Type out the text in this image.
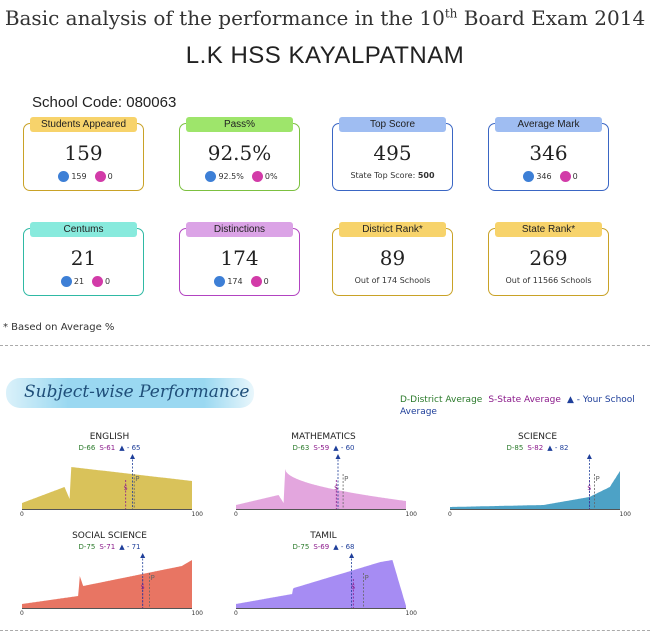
Basic analysis of the performance in the 10th Board Exam 2014
L.K HSS KAYALPATNAM
School Code: 080063
Students Appeared
159
159	0
Pass%
92.5%
92.5%	0%
Top Score
495
State Top Score: 500
Average Mark
346
346	0
Centums
21
21	0
Distinctions
174
174	0
District Rank*
89
Out of 174 Schools
State Rank*
269
Out of 11566 Schools
* Based on Average %
Subject-wise Performance	D-District Average S-State Average ▲ - Your School Average
ENGLISH
D-66 S-61 ▲ - 65
P
S
0	100
MATHEMATICS
D-63 S-59 ▲ - 60
P
S
0	100
SCIENCE
D-85 S-82 ▲ - 82
P
S
0	100
SOCIAL SCIENCE
D-75 S-71 ▲ - 71
P
S
0	100
TAMIL
D-75 S-69 ▲ - 68
P
S
0	100
